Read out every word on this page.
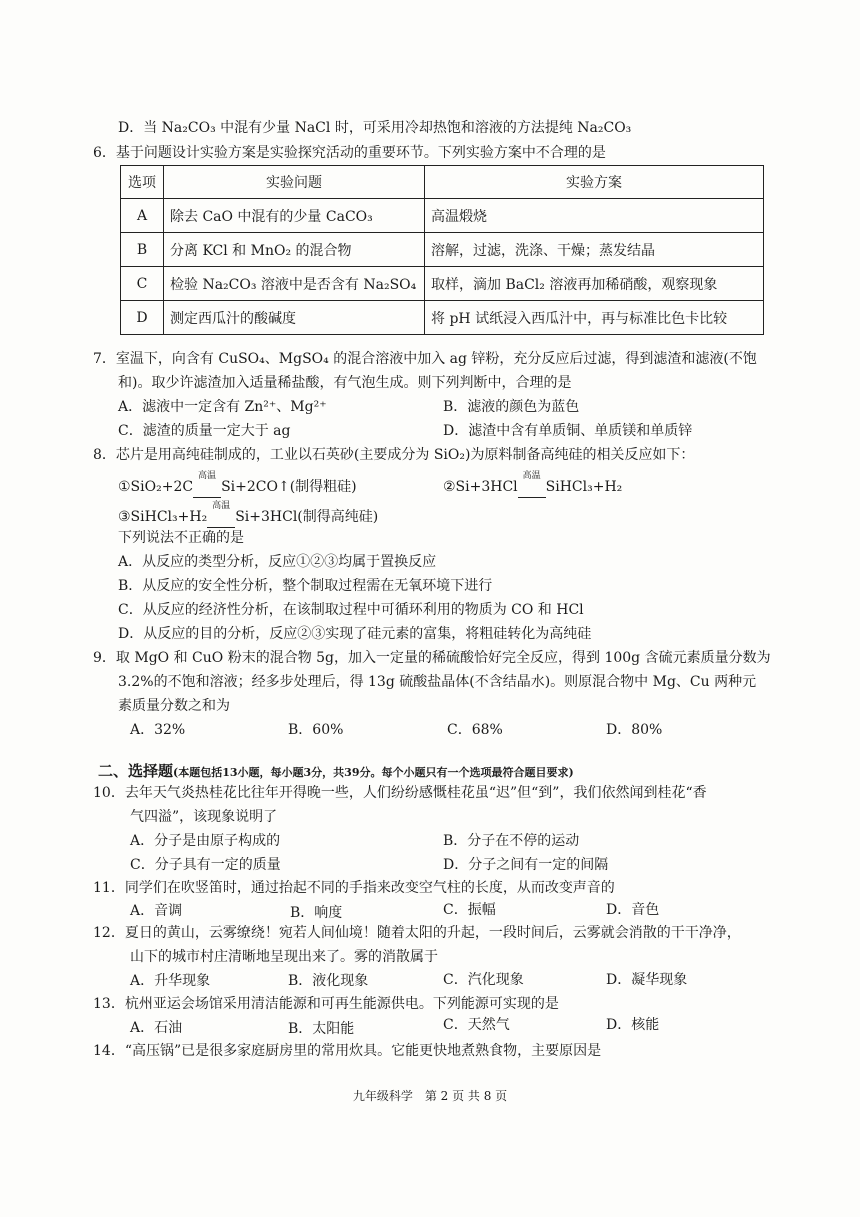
D．当 Na₂CO₃ 中混有少量 NaCl 时，可采用冷却热饱和溶液的方法提纯 Na₂CO₃
6．基于问题设计实验方案是实验探究活动的重要环节。下列实验方案中不合理的是
选项	实验问题	实验方案
A	除去 CaO 中混有的少量 CaCO₃	高温煅烧
B	分离 KCl 和 MnO₂ 的混合物	溶解，过滤，洗涤、干燥；蒸发结晶
C	检验 Na₂CO₃ 溶液中是否含有 Na₂SO₄	取样，滴加 BaCl₂ 溶液再加稀硝酸，观察现象
D	测定西瓜汁的酸碱度	将 pH 试纸浸入西瓜汁中，再与标准比色卡比较
7．室温下，向含有 CuSO₄、MgSO₄ 的混合溶液中加入 ag 锌粉，充分反应后过滤，得到滤渣和滤液(不饱
和)。取少许滤渣加入适量稀盐酸，有气泡生成。则下列判断中，合理的是
A．滤液中一定含有 Zn²⁺、Mg²⁺	B．滤液的颜色为蓝色
C．滤渣的质量一定大于 ag	D．滤渣中含有单质铜、单质镁和单质锌
8．芯片是用高纯硅制成的，工业以石英砂(主要成分为 SiO₂)为原料制备高纯硅的相关反应如下：
①SiO₂+2C
高温
  Si+2CO↑(制得粗硅)	②Si+3HCl
高温
  SiHCl₃+H₂
③SiHCl₃+H₂
高温
  Si+3HCl(制得高纯硅)
下列说法不正确的是
A．从反应的类型分析，反应①②③均属于置换反应
B．从反应的安全性分析，整个制取过程需在无氧环境下进行
C．从反应的经济性分析，在该制取过程中可循环利用的物质为 CO 和 HCl
D．从反应的目的分析，反应②③实现了硅元素的富集，将粗硅转化为高纯硅
9．取 MgO 和 CuO 粉末的混合物 5g，加入一定量的稀硫酸恰好完全反应，得到 100g 含硫元素质量分数为
3.2%的不饱和溶液；经多步处理后，得 13g 硫酸盐晶体(不含结晶水)。则原混合物中 Mg、Cu 两种元
素质量分数之和为
A．32%	B．60%	C．68%	D．80%
二、选择题(本题包括13小题，每小题3分，共39分。每个小题只有一个选项最符合题目要求)
10．去年天气炎热桂花比往年开得晚一些，人们纷纷感慨桂花虽“迟”但“到”，我们依然闻到桂花“香
气四溢”，该现象说明了
A．分子是由原子构成的	B．分子在不停的运动
C．分子具有一定的质量	D．分子之间有一定的间隔
11．同学们在吹竖笛时，通过抬起不同的手指来改变空气柱的长度，从而改变声音的
A．音调	B．响度	C．振幅	D．音色
12．夏日的黄山，云雾缭绕！宛若人间仙境！随着太阳的升起，一段时间后，云雾就会消散的干干净净，
山下的城市村庄清晰地呈现出来了。雾的消散属于
A．升华现象	B．液化现象	C．汽化现象	D．凝华现象
13．杭州亚运会场馆采用清洁能源和可再生能源供电。下列能源可实现的是
A．石油	B．太阳能	C．天然气	D．核能
14．“高压锅”已是很多家庭厨房里的常用炊具。它能更快地煮熟食物，主要原因是
九年级科学　第 2 页 共 8 页
